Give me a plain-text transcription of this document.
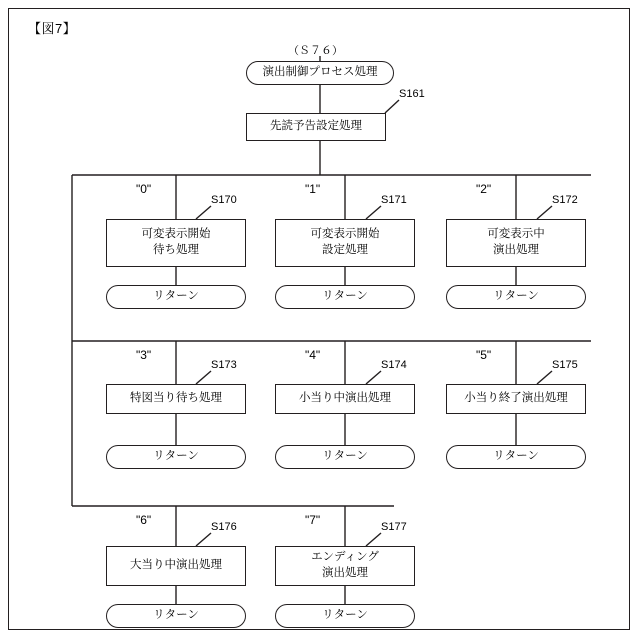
【図7】
（Ｓ７６）
演出制御プロセス処理
先読予告設定処理
S161
"0"
S170
可変表示開始
待ち処理
リターン
"1"
S171
可変表示開始
設定処理
リターン
"2"
S172
可変表示中
演出処理
リターン
"3"
S173
特図当り待ち処理
リターン
"4"
S174
小当り中演出処理
リターン
"5"
S175
小当り終了演出処理
リターン
"6"	S176
大当り中演出処理
リターン
"7"	S177
エンディング
演出処理
リターン
